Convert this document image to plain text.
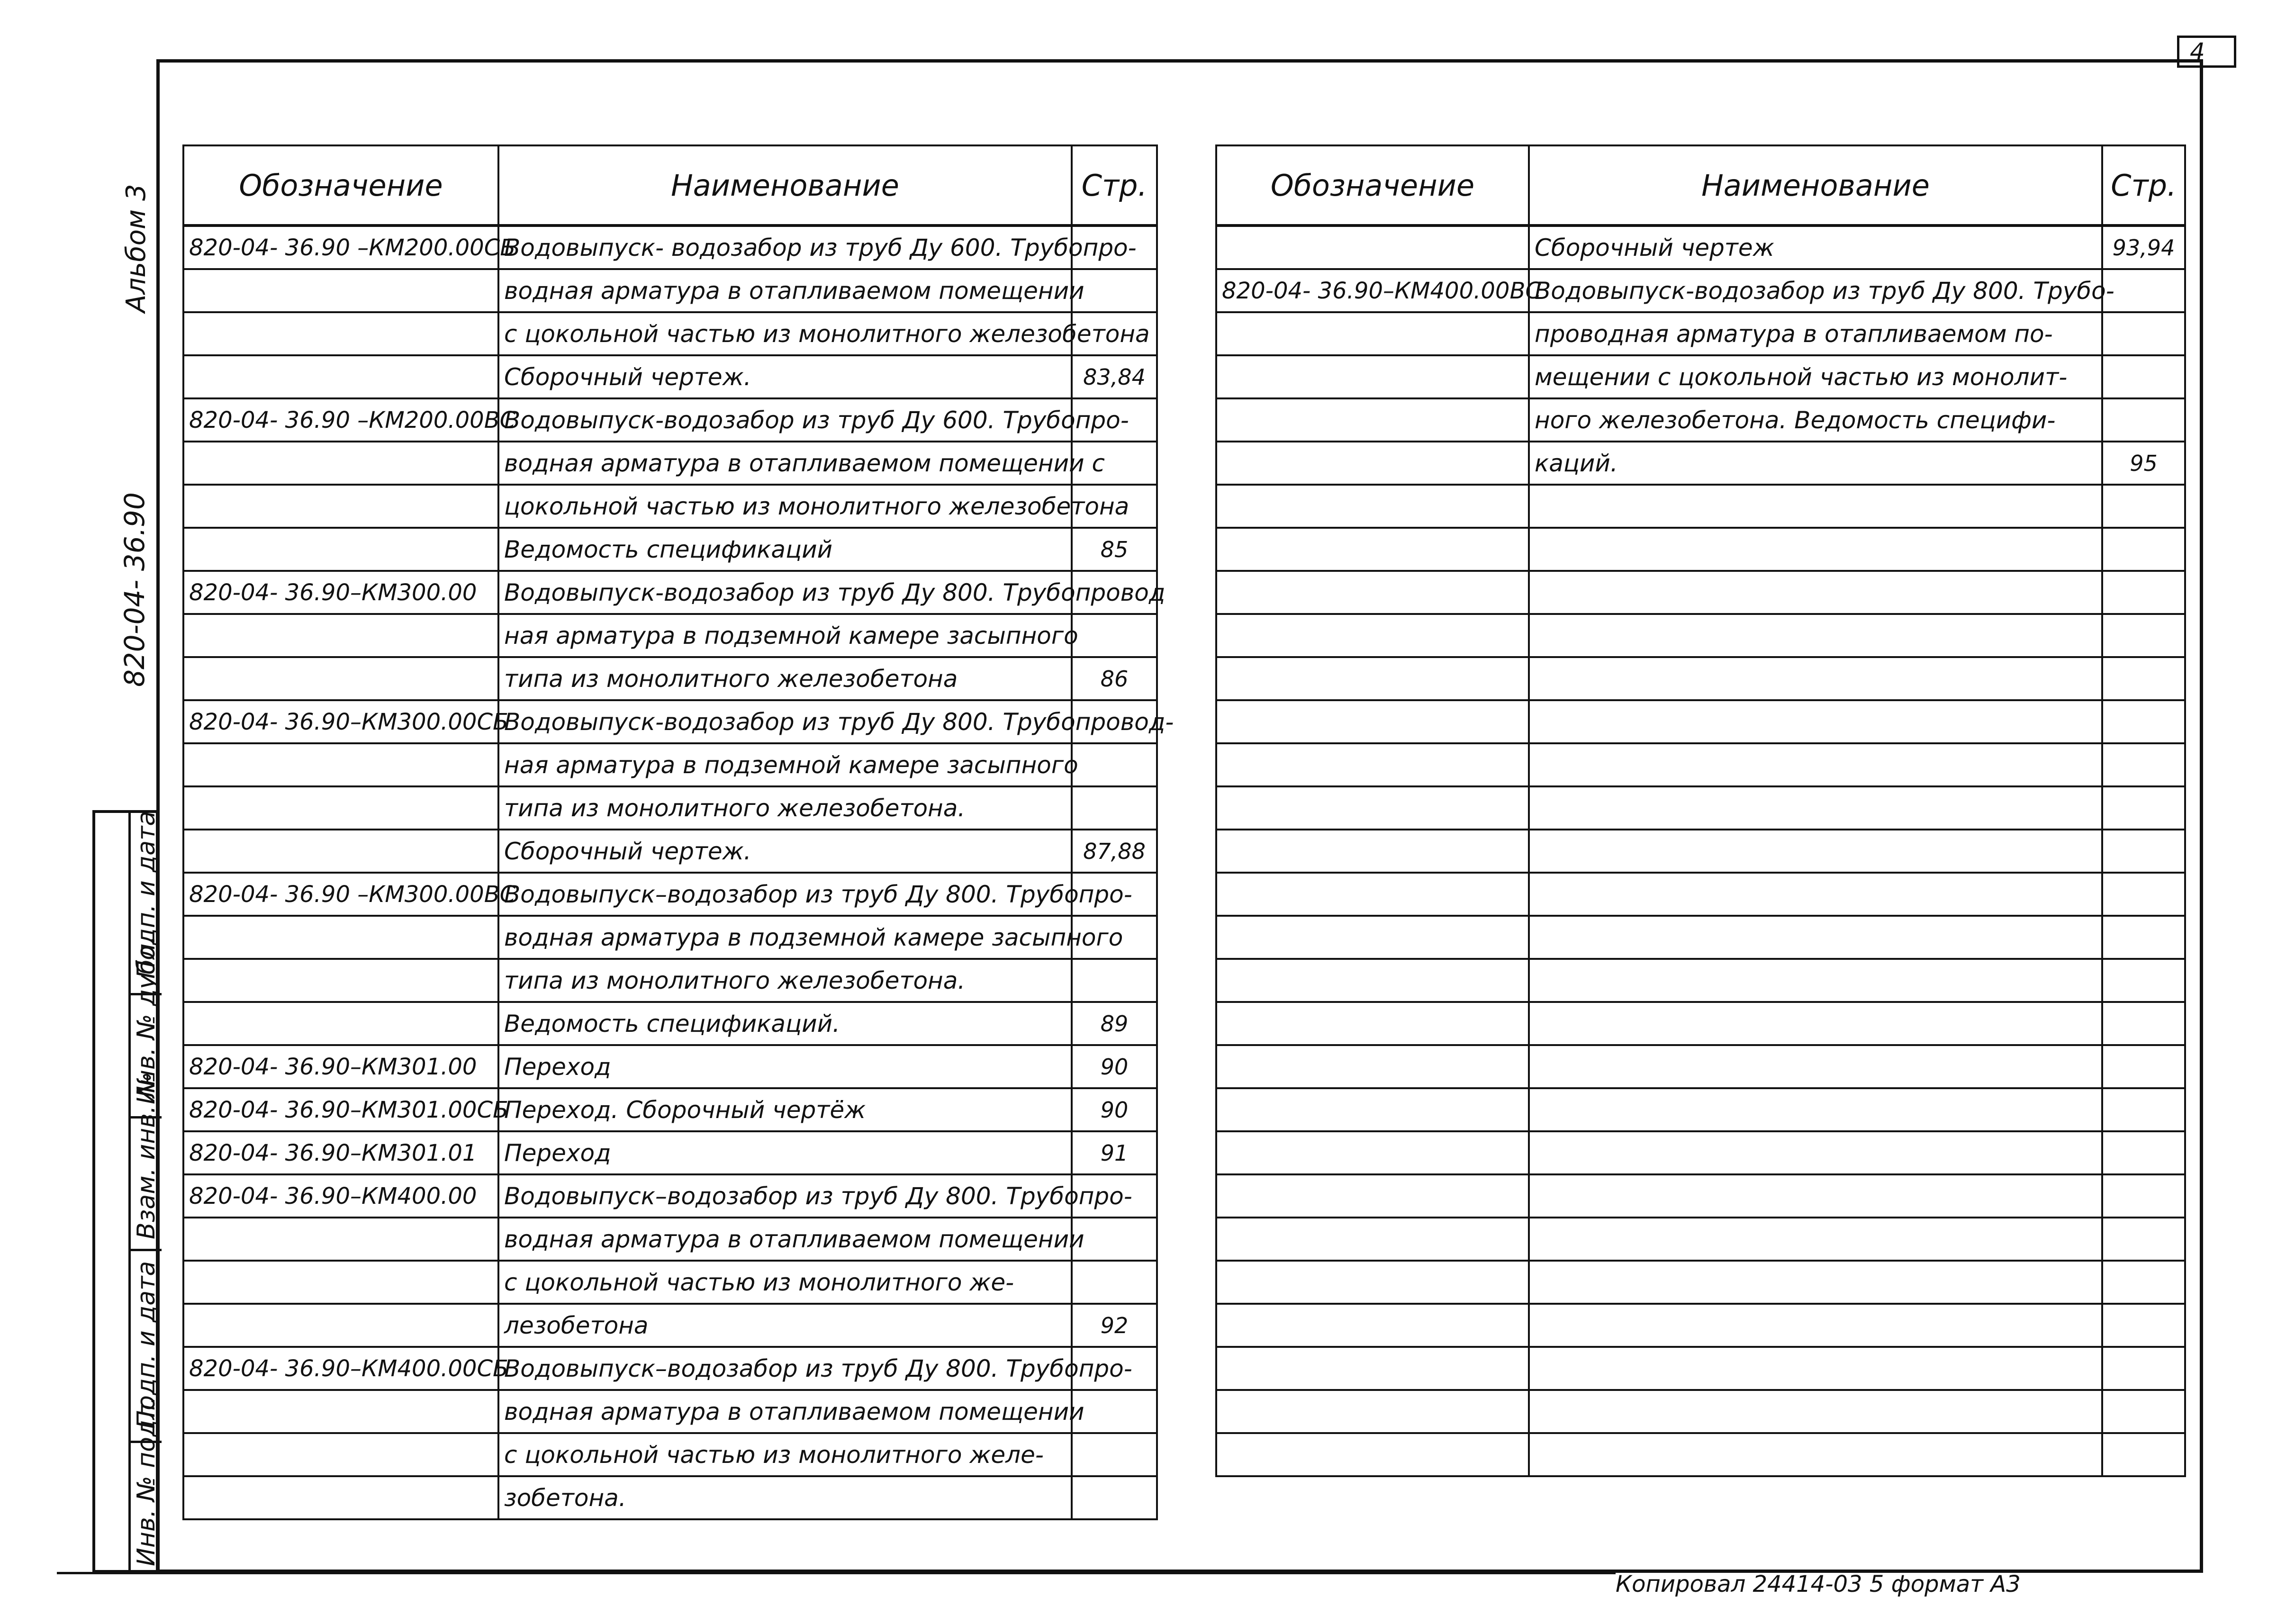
4
Альбом 3
820-04- 36.90
Подп. и дата
Инв. № дубл.
Взам. инв. №
Подп. и дата
Инв. № подл.
Обозначение	Наименование	Стр.
820-04- 36.90 –КМ200.00СБ	Водовыпуск- водозабор из труб Ду 600. Трубопро-	
	водная арматура в отапливаемом помещении	
	с цокольной частью из монолитного железобетона	
	Сборочный чертеж.	83,84
820-04- 36.90 –КМ200.00ВС	Водовыпуск-водозабор из труб Ду 600. Трубопро-	
	водная арматура в отапливаемом помещении с	
	цокольной частью из монолитного железобетона	
	Ведомость спецификаций	85
820-04- 36.90–КМ300.00	Водовыпуск-водозабор из труб Ду 800. Трубопровод	
	ная арматура в подземной камере засыпного	
	типа из монолитного железобетона	86
820-04- 36.90–КМ300.00СБ	Водовыпуск-водозабор из труб Ду 800. Трубопровод-	
	ная арматура в подземной камере засыпного	
	типа из монолитного железобетона.	
	Сборочный чертеж.	87,88
820-04- 36.90 –КМ300.00ВС	Водовыпуск–водозабор из труб Ду 800. Трубопро-	
	водная арматура в подземной камере засыпного	
	типа из монолитного железобетона.	
	Ведомость спецификаций.	89
820-04- 36.90–КМ301.00	Переход	90
820-04- 36.90–КМ301.00СБ	Переход. Сборочный чертёж	90
820-04- 36.90–КМ301.01	Переход	91
820-04- 36.90–КМ400.00	Водовыпуск–водозабор из труб Ду 800. Трубопро-	
	водная арматура в отапливаемом помещении	
	с цокольной частью из монолитного же-	
	лезобетона	92
820-04- 36.90–КМ400.00СБ	Водовыпуск–водозабор из труб Ду 800. Трубопро-	
	водная арматура в отапливаемом помещении	
	с цокольной частью из монолитного желе-	
	зобетона.	
Обозначение	Наименование	Стр.
	Сборочный чертеж	93,94
820-04- 36.90–КМ400.00ВС	Водовыпуск-водозабор из труб Ду 800. Трубо-	
	проводная арматура в отапливаемом по-	
	мещении с цокольной частью из монолит-	
	ного железобетона. Ведомость специфи-	
	каций.	95

Копировал 24414-03 5 формат А3
